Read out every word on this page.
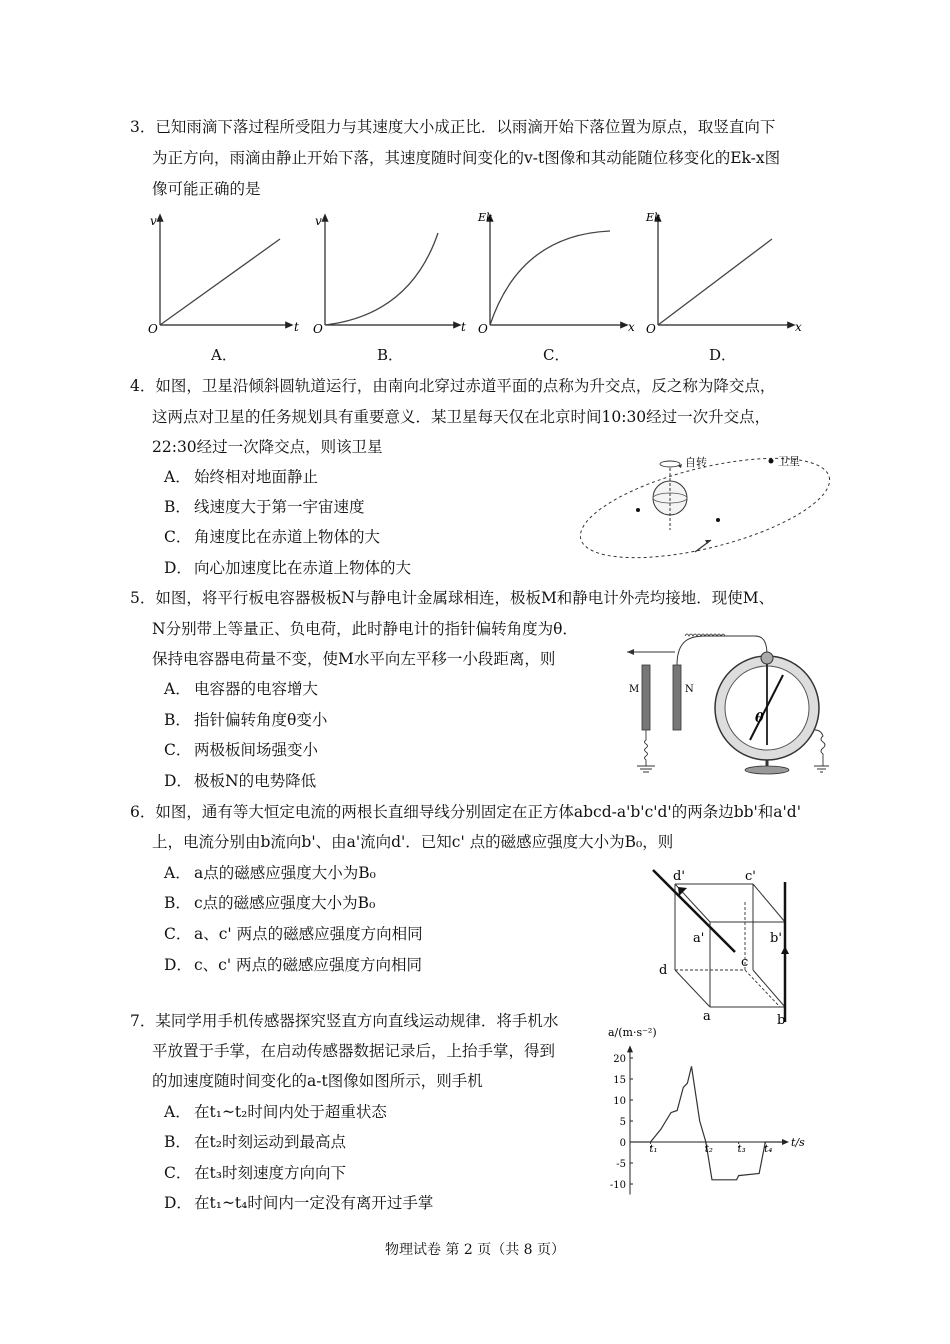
3．已知雨滴下落过程所受阻力与其速度大小成正比．以雨滴开始下落位置为原点，取竖直向下
为正方向，雨滴由静止开始下落，其速度随时间变化的v-t图像和其动能随位移变化的Ek-x图
像可能正确的是
v
t
O
v
t
O
Ek
x
O
Ek
x
O
A．	B．	C．	D．
4．如图，卫星沿倾斜圆轨道运行，由南向北穿过赤道平面的点称为升交点，反之称为降交点，
这两点对卫星的任务规划具有重要意义．某卫星每天仅在北京时间10:30经过一次升交点，
22:30经过一次降交点，则该卫星
A． 始终相对地面静止
B． 线速度大于第一宇宙速度
C． 角速度比在赤道上物体的大
D． 向心加速度比在赤道上物体的大
自转	卫星
5．如图，将平行板电容器极板N与静电计金属球相连，极板M和静电计外壳均接地．现使M、
N分别带上等量正、负电荷，此时静电计的指针偏转角度为θ．
保持电容器电荷量不变，使M水平向左平移一小段距离，则
A． 电容器的电容增大
B． 指针偏转角度θ变小
C． 两极板间场强变小
D． 极板N的电势降低
M	N
θ
6．如图，通有等大恒定电流的两根长直细导线分别固定在正方体abcd-a'b'c'd'的两条边bb'和a'd'
上，电流分别由b流向b'、由a'流向d'．已知c' 点的磁感应强度大小为B₀，则
A． a点的磁感应强度大小为B₀
B． c点的磁感应强度大小为B₀
C． a、c' 两点的磁感应强度方向相同
D． c、c' 两点的磁感应强度方向相同
d'	c'
a'	b'
d
c
a	b
7．某同学用手机传感器探究竖直方向直线运动规律．将手机水
平放置于手掌，在启动传感器数据记录后，上抬手掌，得到
的加速度随时间变化的a-t图像如图所示，则手机
A． 在t₁~t₂时间内处于超重状态
B． 在t₂时刻运动到最高点
C． 在t₃时刻速度方向向下
D． 在t₁~t₄时间内一定没有离开过手掌
a/(m·s⁻²)
t/s
20
15
10
5
0
-5
-10
t₁	t₂ t₃ t₄
物理试卷 第 2 页（共 8 页）
